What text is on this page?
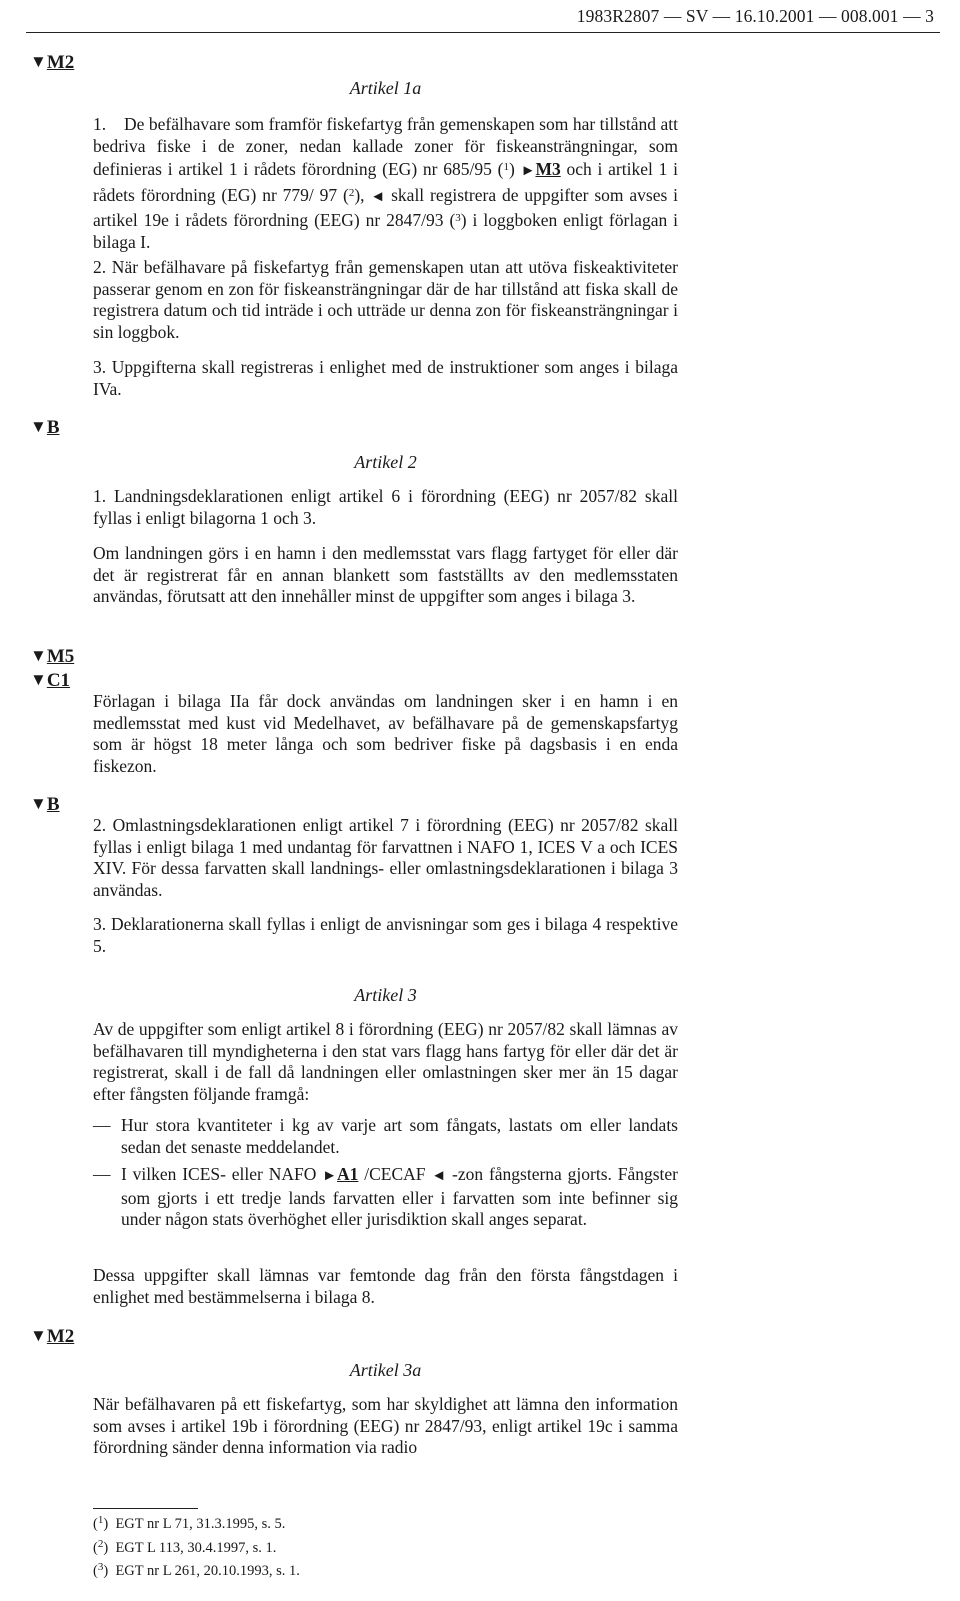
1983R2807 — SV — 16.10.2001 — 008.001 — 3
▼M2
▼B
▼M5
▼C1
▼B
▼M2

Artikel 1a

1. De befälhavare som framför fiskefartyg från gemenskapen som har tillstånd att bedriva fiske i de zoner, nedan kallade zoner för fiskeansträngningar, som definieras i artikel 1 i rådets förordning (EG) nr 685/95 ($^1$) ►M3 och i artikel 1 i rådets förordning (EG) nr 779/ 97 ($^2$), ◄ skall registrera de uppgifter som avses i artikel 19e i rådets förordning (EEG) nr 2847/93 ($^3$) i loggboken enligt förlagan i bilaga I.

2. När befälhavare på fiskefartyg från gemenskapen utan att utöva fiskeaktiviteter passerar genom en zon för fiskeansträngningar där de har tillstånd att fiska skall de registrera datum och tid inträde i och utträde ur denna zon för fiskeansträngningar i sin loggbok.

3. Uppgifterna skall registreras i enlighet med de instruktioner som anges i bilaga IVa.

Artikel 2

1. Landningsdeklarationen enligt artikel 6 i förordning (EEG) nr 2057/82 skall fyllas i enligt bilagorna 1 och 3.

Om landningen görs i en hamn i den medlemsstat vars flagg fartyget för eller där det är registrerat får en annan blankett som fastställts av den medlemsstaten användas, förutsatt att den innehåller minst de uppgifter som anges i bilaga 3.

Förlagan i bilaga IIa får dock användas om landningen sker i en hamn i en medlemsstat med kust vid Medelhavet, av befälhavare på de gemenskapsfartyg som är högst 18 meter långa och som bedriver fiske på dagsbasis i en enda fiskezon.

2. Omlastningsdeklarationen enligt artikel 7 i förordning (EEG) nr 2057/82 skall fyllas i enligt bilaga 1 med undantag för farvattnen i NAFO 1, ICES V a och ICES XIV. För dessa farvatten skall landnings- eller omlastningsdeklarationen i bilaga 3 användas.

3. Deklarationerna skall fyllas i enligt de anvisningar som ges i bilaga 4 respektive 5.

Artikel 3

Av de uppgifter som enligt artikel 8 i förordning (EEG) nr 2057/82 skall lämnas av befälhavaren till myndigheterna i den stat vars flagg hans fartyg för eller där det är registrerat, skall i de fall då landningen eller omlastningen sker mer än 15 dagar efter fångsten följande framgå:

— Hur stora kvantiteter i kg av varje art som fångats, lastats om eller landats sedan det senaste meddelandet.

— I vilken ICES- eller NAFO ►A1 /CECAF ◄ -zon fångsterna gjorts. Fångster som gjorts i ett tredje lands farvatten eller i farvatten som inte befinner sig under någon stats överhöghet eller jurisdiktion skall anges separat.

Dessa uppgifter skall lämnas var femtonde dag från den första fångstdagen i enlighet med bestämmelserna i bilaga 8.

Artikel 3a

När befälhavaren på ett fiskefartyg, som har skyldighet att lämna den information som avses i artikel 19b i förordning (EEG) nr 2847/93, enligt artikel 19c i samma förordning sänder denna information via radio

($^1$)  EGT nr L 71, 31.3.1995, s. 5.
($^2$)  EGT L 113, 30.4.1997, s. 1.
($^3$)  EGT nr L 261, 20.10.1993, s. 1.
